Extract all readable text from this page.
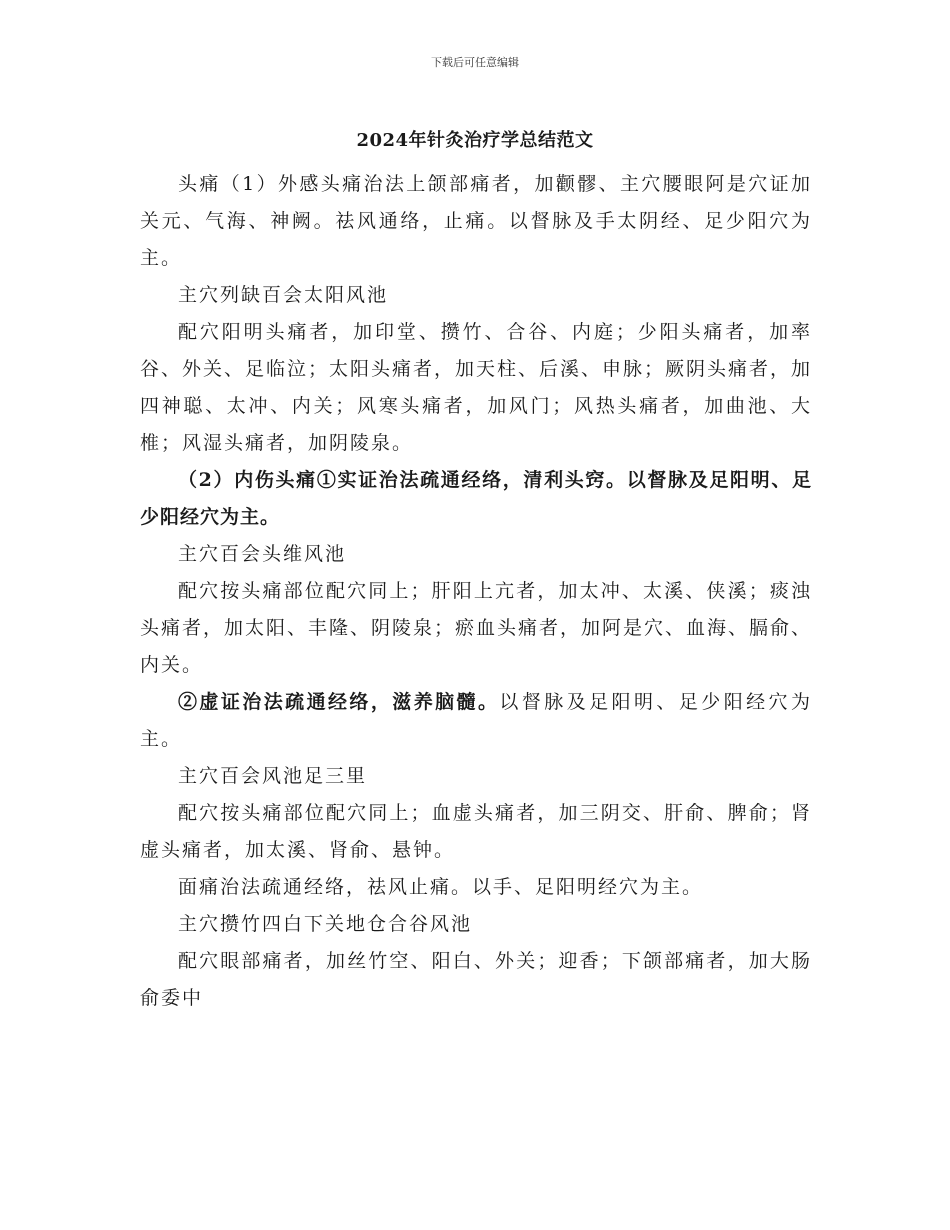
下载后可任意编辑
2024年针灸治疗学总结范文

头痛（1）外感头痛治法上颌部痛者，加颧髎、主穴腰眼阿是穴证加关元、气海、神阙。祛风通络，止痛。以督脉及手太阴经、足少阳穴为主。

主穴列缺百会太阳风池

配穴阳明头痛者，加印堂、攒竹、合谷、内庭；少阳头痛者，加率谷、外关、足临泣；太阳头痛者，加天柱、后溪、申脉；厥阴头痛者，加四神聪、太冲、内关；风寒头痛者，加风门；风热头痛者，加曲池、大椎；风湿头痛者，加阴陵泉。

（2）内伤头痛①实证治法疏通经络，清利头窍。以督脉及足阳明、足少阳经穴为主。

主穴百会头维风池

配穴按头痛部位配穴同上；肝阳上亢者，加太冲、太溪、侠溪；痰浊头痛者，加太阳、丰隆、阴陵泉；瘀血头痛者，加阿是穴、血海、膈俞、内关。

②虚证治法疏通经络，滋养脑髓。以督脉及足阳明、足少阳经穴为主。

主穴百会风池足三里

配穴按头痛部位配穴同上；血虚头痛者，加三阴交、肝俞、脾俞；肾虚头痛者，加太溪、肾俞、悬钟。

面痛治法疏通经络，祛风止痛。以手、足阳明经穴为主。

主穴攒竹四白下关地仓合谷风池

配穴眼部痛者，加丝竹空、阳白、外关；迎香；下颌部痛者，加大肠俞委中
